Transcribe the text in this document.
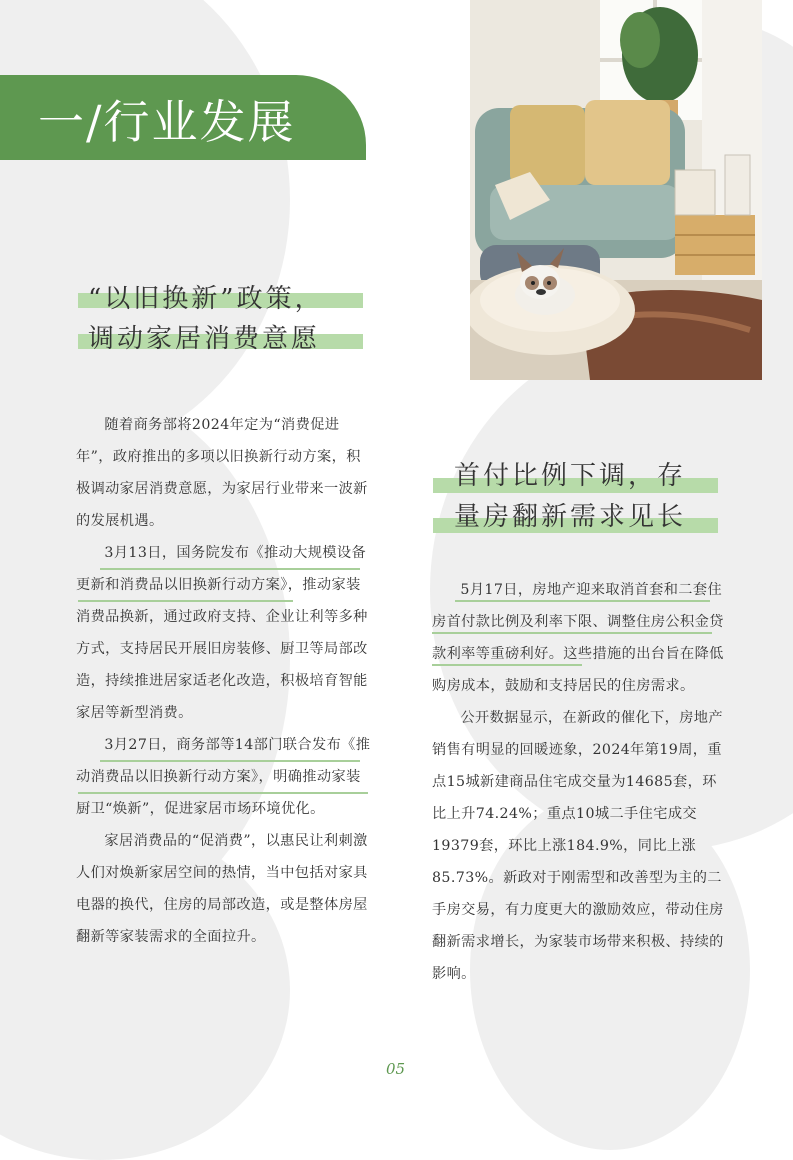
一/行业发展
“以旧换新”政策，
调动家居消费意愿

随着商务部将2024年定为“消费促进年”，政府推出的多项以旧换新行动方案，积极调动家居消费意愿，为家居行业带来一波新的发展机遇。

3月13日，国务院发布《推动大规模设备更新和消费品以旧换新行动方案》，推动家装消费品换新，通过政府支持、企业让利等多种方式，支持居民开展旧房装修、厨卫等局部改造，持续推进居家适老化改造，积极培育智能家居等新型消费。

3月27日，商务部等14部门联合发布《推动消费品以旧换新行动方案》，明确推动家装厨卫“焕新”，促进家居市场环境优化。

家居消费品的“促消费”，以惠民让利刺激人们对焕新家居空间的热情，当中包括对家具电器的换代，住房的局部改造，或是整体房屋翻新等家装需求的全面拉升。

首付比例下调，存
量房翻新需求见长

5月17日，房地产迎来取消首套和二套住房首付款比例及利率下限、调整住房公积金贷款利率等重磅利好。这些措施的出台旨在降低购房成本，鼓励和支持居民的住房需求。

公开数据显示，在新政的催化下，房地产销售有明显的回暖迹象，2024年第19周，重点15城新建商品住宅成交量为14685套，环比上升74.24%；重点10城二手住宅成交19379套，环比上涨184.9%，同比上涨85.73%。新政对于刚需型和改善型为主的二手房交易，有力度更大的激励效应，带动住房翻新需求增长，为家装市场带来积极、持续的影响。

05
